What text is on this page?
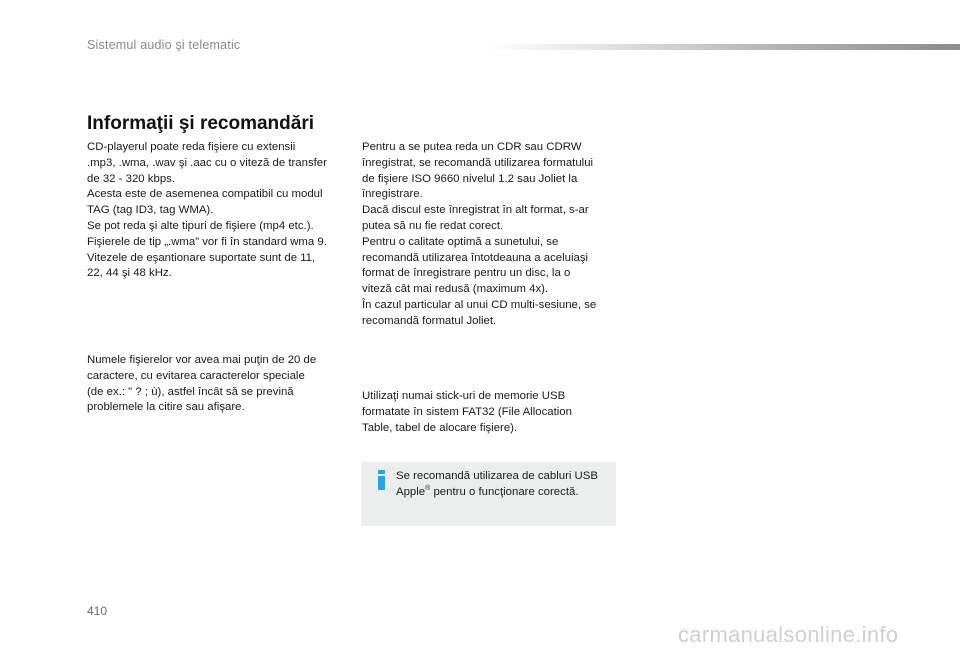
Sistemul audio şi telematic
Informaţii şi recomandări

CD-playerul poate reda fişiere cu extensii
.mp3, .wma, .wav şi .aac cu o viteză de transfer
de 32 - 320 kbps.
Acesta este de asemenea compatibil cu modul
TAG (tag ID3, tag WMA).
Se pot reda şi alte tipuri de fişiere (mp4 etc.).
Fişierele de tip „.wma” vor fi în standard wma 9.
Vitezele de eşantionare suportate sunt de 11,
22, 44 şi 48 kHz.

Numele fişierelor vor avea mai puţin de 20 de
caractere, cu evitarea caracterelor speciale
(de ex.: " ? ; ù), astfel încât să se prevină
problemele la citire sau afişare.

Pentru a se putea reda un CDR sau CDRW
înregistrat, se recomandă utilizarea formatului
de fişiere ISO 9660 nivelul 1.2 sau Joliet la
înregistrare.
Dacă discul este înregistrat în alt format, s-ar
putea să nu fie redat corect.
Pentru o calitate optimă a sunetului, se
recomandă utilizarea întotdeauna a aceluiaşi
format de înregistrare pentru un disc, la o
viteză cât mai redusă (maximum 4x).
În cazul particular al unui CD multi-sesiune, se
recomandă formatul Joliet.

Utilizaţi numai stick-uri de memorie USB
formatate în sistem FAT32 (File Allocation
Table, tabel de alocare fişiere).

Se recomandă utilizarea de cabluri USB Apple® pentru o funcţionare corectă.

410
carmanualsonline.info
